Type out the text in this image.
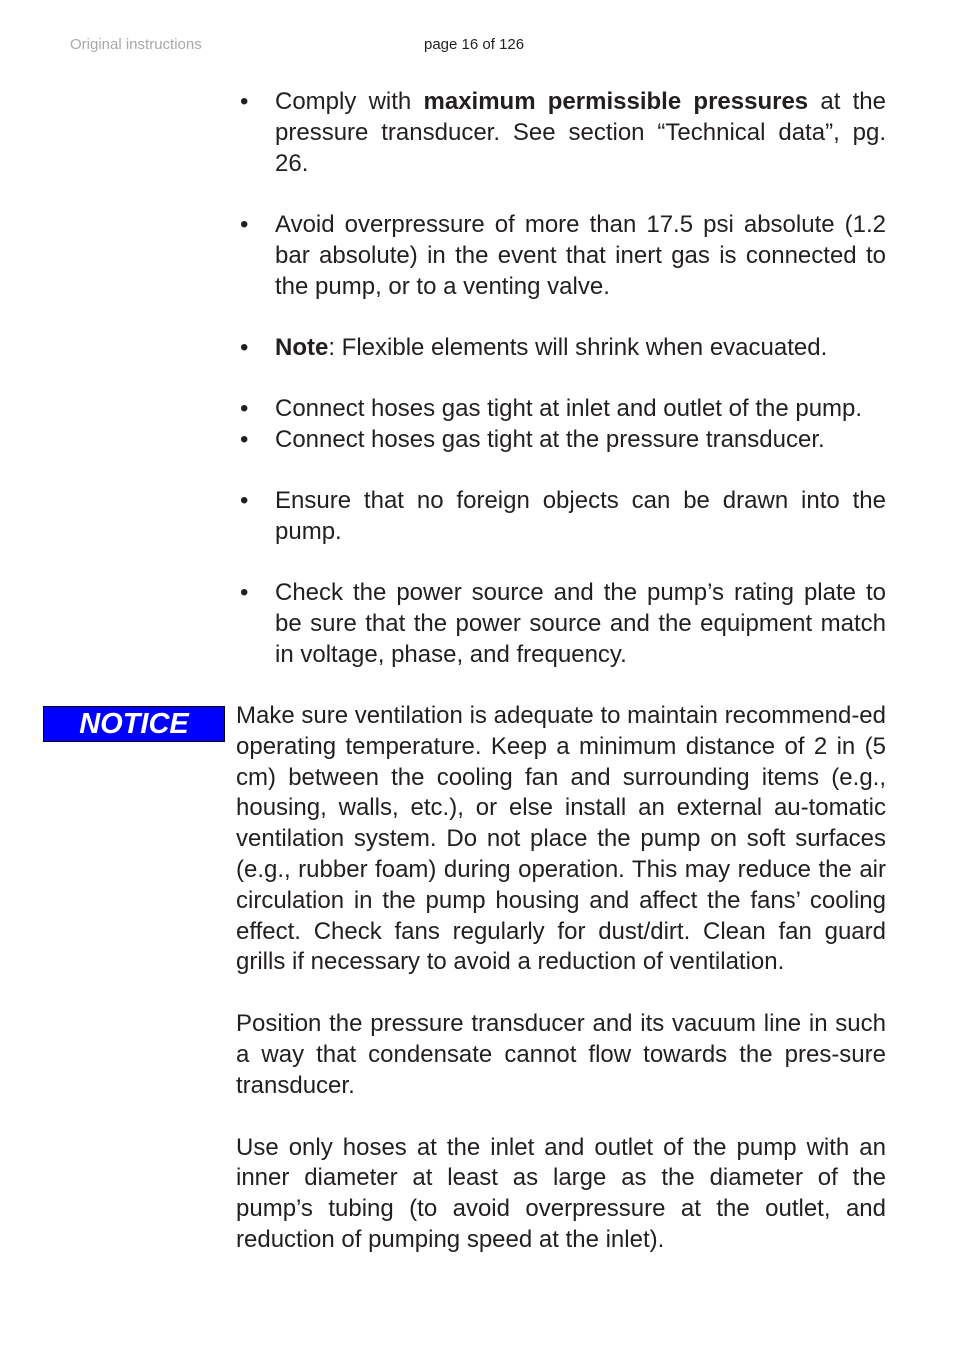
Original instructions	page 16 of 126
• Comply with maximum permissible pressures at the pressure transducer. See section “Technical data”, pg. 26.
• Avoid overpressure of more than 17.5 psi absolute (1.2 bar absolute) in the event that inert gas is connected to the pump, or to a venting valve.
• Note: Flexible elements will shrink when evacuated.
• Connect hoses gas tight at inlet and outlet of the pump.
• Connect hoses gas tight at the pressure transducer.
• Ensure that no foreign objects can be drawn into the pump.
• Check the power source and the pump’s rating plate to be sure that the power source and the equipment match in voltage, phase, and frequency.
NOTICE	Make sure ventilation is adequate to maintain recommend-ed operating temperature. Keep a minimum distance of 2 in (5 cm) between the cooling fan and surrounding items (e.g., housing, walls, etc.), or else install an external au-tomatic ventilation system. Do not place the pump on soft surfaces (e.g., rubber foam) during operation. This may reduce the air circulation in the pump housing and affect the fans’ cooling effect. Check fans regularly for dust/dirt. Clean fan guard grills if necessary to avoid a reduction of ventilation.

Position the pressure transducer and its vacuum line in such a way that condensate cannot flow towards the pres-sure transducer.

Use only hoses at the inlet and outlet of the pump with an inner diameter at least as large as the diameter of the pump’s tubing (to avoid overpressure at the outlet, and reduction of pumping speed at the inlet).
